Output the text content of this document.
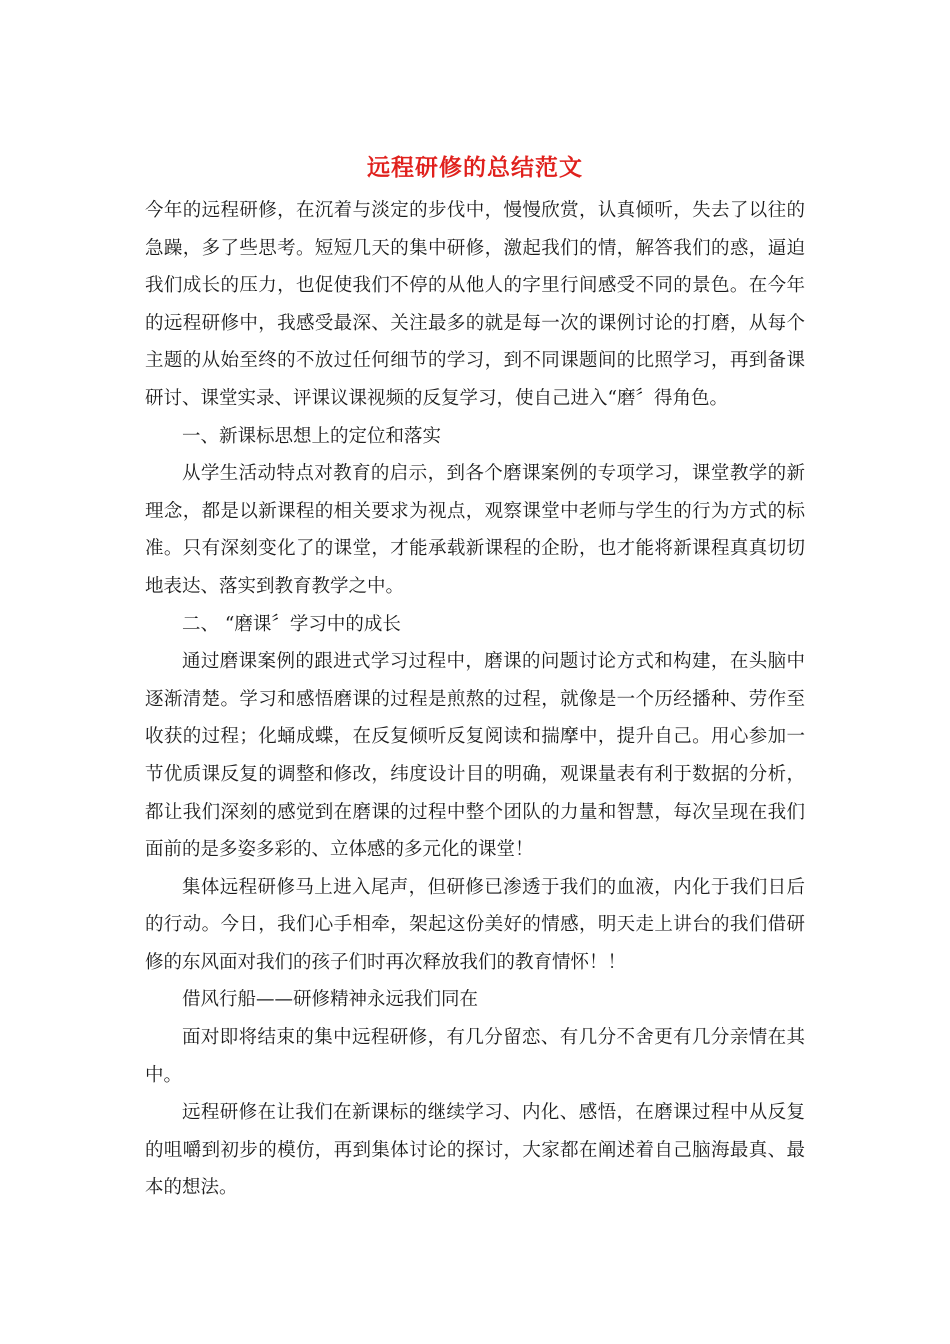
远程研修的总结范文

今年的远程研修，在沉着与淡定的步伐中，慢慢欣赏，认真倾听，失去了以往的急躁，多了些思考。短短几天的集中研修，激起我们的情，解答我们的惑，逼迫我们成长的压力，也促使我们不停的从他人的字里行间感受不同的景色。在今年的远程研修中，我感受最深、关注最多的就是每一次的课例讨论的打磨，从每个主题的从始至终的不放过任何细节的学习，到不同课题间的比照学习，再到备课研讨、课堂实录、评课议课视频的反复学习，使自己进入“磨〞得角色。

一、新课标思想上的定位和落实

从学生活动特点对教育的启示，到各个磨课案例的专项学习，课堂教学的新理念，都是以新课程的相关要求为视点，观察课堂中老师与学生的行为方式的标准。只有深刻变化了的课堂，才能承载新课程的企盼，也才能将新课程真真切切地表达、落实到教育教学之中。

二、 “磨课〞学习中的成长

通过磨课案例的跟进式学习过程中，磨课的问题讨论方式和构建，在头脑中逐渐清楚。学习和感悟磨课的过程是煎熬的过程，就像是一个历经播种、劳作至收获的过程；化蛹成蝶，在反复倾听反复阅读和揣摩中，提升自己。用心参加一节优质课反复的调整和修改，纬度设计目的明确，观课量表有利于数据的分析，都让我们深刻的感觉到在磨课的过程中整个团队的力量和智慧，每次呈现在我们面前的是多姿多彩的、立体感的多元化的课堂！

集体远程研修马上进入尾声，但研修已渗透于我们的血液，内化于我们日后的行动。今日，我们心手相牵，架起这份美好的情感，明天走上讲台的我们借研修的东风面对我们的孩子们时再次释放我们的教育情怀！！

借风行船——研修精神永远我们同在

面对即将结束的集中远程研修，有几分留恋、有几分不舍更有几分亲情在其中。

远程研修在让我们在新课标的继续学习、内化、感悟，在磨课过程中从反复的咀嚼到初步的模仿，再到集体讨论的探讨，大家都在阐述着自己脑海最真、最本的想法。
